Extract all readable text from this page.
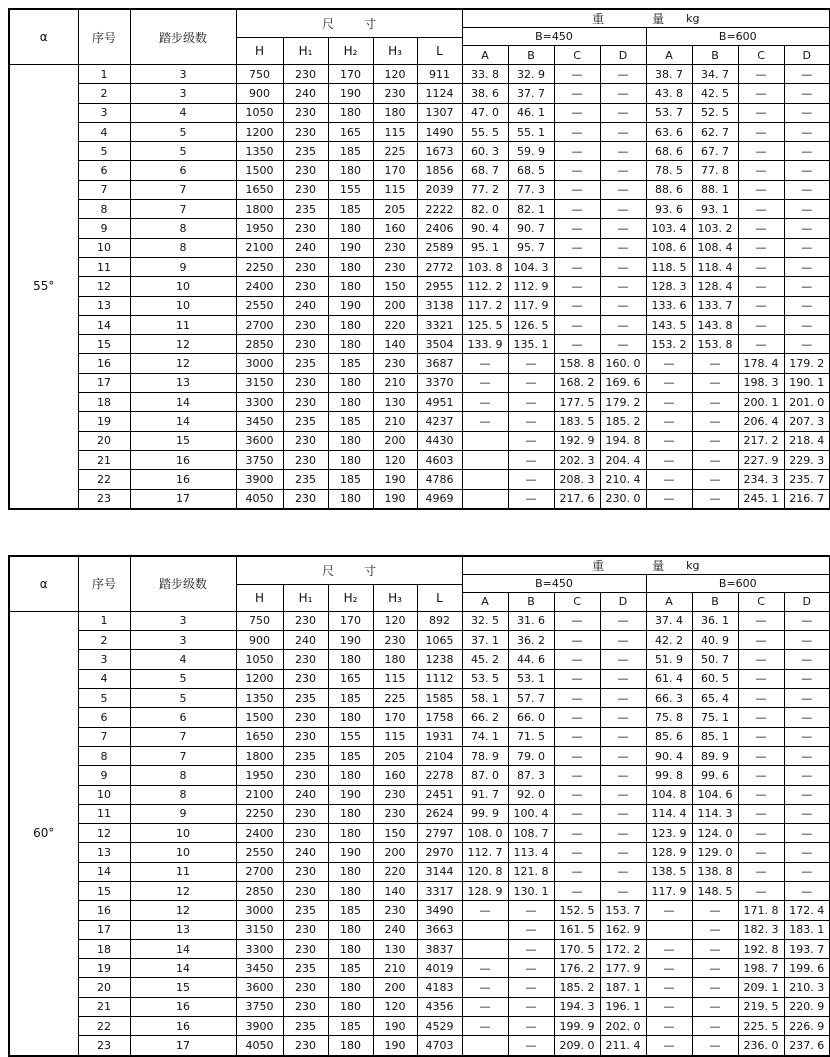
α	序号	踏步级数	尺 寸					重 量 kg							

								B=450				B=600			
			H	H₁	H₂	H₃	L								
								A	B	C	D	A	B	C	D
55°	1	3	750	230	170	120	911	33. 8	32. 9	—	—	38. 7	34. 7	—	—
	2	3	900	240	190	230	1124	38. 6	37. 7	—	—	43. 8	42. 5	—	—
	3	4	1050	230	180	180	1307	47. 0	46. 1	—	—	53. 7	52. 5	—	—
	4	5	1200	230	165	115	1490	55. 5	55. 1	—	—	63. 6	62. 7	—	—
	5	5	1350	235	185	225	1673	60. 3	59. 9	—	—	68. 6	67. 7	—	—
	6	6	1500	230	180	170	1856	68. 7	68. 5	—	—	78. 5	77. 8	—	—
	7	7	1650	230	155	115	2039	77. 2	77. 3	—	—	88. 6	88. 1	—	—
	8	7	1800	235	185	205	2222	82. 0	82. 1	—	—	93. 6	93. 1	—	—
	9	8	1950	230	180	160	2406	90. 4	90. 7	—	—	103. 4	103. 2	—	—
	10	8	2100	240	190	230	2589	95. 1	95. 7	—	—	108. 6	108. 4	—	—
	11	9	2250	230	180	230	2772	103. 8	104. 3	—	—	118. 5	118. 4	—	—
	12	10	2400	230	180	150	2955	112. 2	112. 9	—	—	128. 3	128. 4	—	—
	13	10	2550	240	190	200	3138	117. 2	117. 9	—	—	133. 6	133. 7	—	—
	14	11	2700	230	180	220	3321	125. 5	126. 5	—	—	143. 5	143. 8	—	—
	15	12	2850	230	180	140	3504	133. 9	135. 1	—	—	153. 2	153. 8	—	—
	16	12	3000	235	185	230	3687	—	—	158. 8	160. 0	—	—	178. 4	179. 2
	17	13	3150	230	180	210	3370	—	—	168. 2	169. 6	—	—	198. 3	190. 1
	18	14	3300	230	180	130	4951	—	—	177. 5	179. 2	—	—	200. 1	201. 0
	19	14	3450	235	185	210	4237	—	—	183. 5	185. 2	—	—	206. 4	207. 3
	20	15	3600	230	180	200	4430		—	192. 9	194. 8	—	—	217. 2	218. 4
	21	16	3750	230	180	120	4603		—	202. 3	204. 4	—	—	227. 9	229. 3
	22	16	3900	235	185	190	4786		—	208. 3	210. 4	—	—	234. 3	235. 7
	23	17	4050	230	180	190	4969		—	217. 6	230. 0	—	—	245. 1	216. 7
α	序号	踏步级数	尺 寸					重 量 kg							

								B=450				B=600			
			H	H₁	H₂	H₃	L								
								A	B	C	D	A	B	C	D
60°	1	3	750	230	170	120	892	32. 5	31. 6	—	—	37. 4	36. 1	—	—
	2	3	900	240	190	230	1065	37. 1	36. 2	—	—	42. 2	40. 9	—	—
	3	4	1050	230	180	180	1238	45. 2	44. 6	—	—	51. 9	50. 7	—	—
	4	5	1200	230	165	115	1112	53. 5	53. 1	—	—	61. 4	60. 5	—	—
	5	5	1350	235	185	225	1585	58. 1	57. 7	—	—	66. 3	65. 4	—	—
	6	6	1500	230	180	170	1758	66. 2	66. 0	—	—	75. 8	75. 1	—	—
	7	7	1650	230	155	115	1931	74. 1	71. 5	—	—	85. 6	85. 1	—	—
	8	7	1800	235	185	205	2104	78. 9	79. 0	—	—	90. 4	89. 9	—	—
	9	8	1950	230	180	160	2278	87. 0	87. 3	—	—	99. 8	99. 6	—	—
	10	8	2100	240	190	230	2451	91. 7	92. 0	—	—	104. 8	104. 6	—	—
	11	9	2250	230	180	230	2624	99. 9	100. 4	—	—	114. 4	114. 3	—	—
	12	10	2400	230	180	150	2797	108. 0	108. 7	—	—	123. 9	124. 0	—	—
	13	10	2550	240	190	200	2970	112. 7	113. 4	—	—	128. 9	129. 0	—	—
	14	11	2700	230	180	220	3144	120. 8	121. 8	—	—	138. 5	138. 8	—	—
	15	12	2850	230	180	140	3317	128. 9	130. 1	—	—	117. 9	148. 5	—	—
	16	12	3000	235	185	230	3490	—	—	152. 5	153. 7	—	—	171. 8	172. 4
	17	13	3150	230	180	240	3663		—	161. 5	162. 9		—	182. 3	183. 1
	18	14	3300	230	180	130	3837		—	170. 5	172. 2	—	—	192. 8	193. 7
	19	14	3450	235	185	210	4019	—	—	176. 2	177. 9	—	—	198. 7	199. 6
	20	15	3600	230	180	200	4183	—	—	185. 2	187. 1	—	—	209. 1	210. 3
	21	16	3750	230	180	120	4356	—	—	194. 3	196. 1	—	—	219. 5	220. 9
	22	16	3900	235	185	190	4529	—	—	199. 9	202. 0	—	—	225. 5	226. 9
	23	17	4050	230	180	190	4703		—	209. 0	211. 4	—	—	236. 0	237. 6
